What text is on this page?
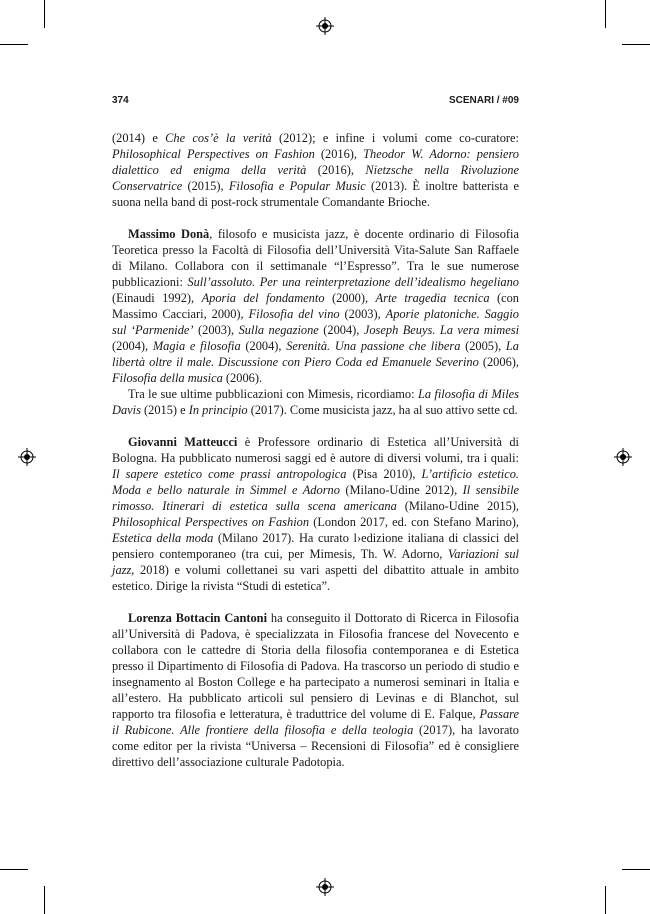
374	SCENARI / #09

(2014) e Che cos’è la verità (2012); e infine i volumi come co-curatore: Philosophical Perspectives on Fashion (2016), Theodor W. Adorno: pensiero dialettico ed enigma della verità (2016), Nietzsche nella Rivoluzione Conservatrice (2015), Filosofia e Popular Music (2013). È inoltre batterista e suona nella band di post-rock strumentale Comandante Brioche.

Massimo Donà, filosofo e musicista jazz, è docente ordinario di Filosofia Teoretica presso la Facoltà di Filosofia dell’Università Vita-Salute San Raffaele di Milano. Collabora con il settimanale “l’Espresso”. Tra le sue numerose pubblicazioni: Sull’assoluto. Per una reinterpretazione dell’idealismo hegeliano (Einaudi 1992), Aporia del fondamento (2000), Arte tragedia tecnica (con Massimo Cacciari, 2000), Filosofia del vino (2003), Aporie platoniche. Saggio sul ‘Parmenide’ (2003), Sulla negazione (2004), Joseph Beuys. La vera mimesi (2004), Magia e filosofia (2004), Serenità. Una passione che libera (2005), La libertà oltre il male. Discussione con Piero Coda ed Emanuele Severino (2006), Filosofia della musica (2006).

Tra le sue ultime pubblicazioni con Mimesis, ricordiamo: La filosofia di Miles Davis (2015) e In principio (2017). Come musicista jazz, ha al suo attivo sette cd.

Giovanni Matteucci è Professore ordinario di Estetica all’Università di Bologna. Ha pubblicato numerosi saggi ed è autore di diversi volumi, tra i quali: Il sapere estetico come prassi antropologica (Pisa 2010), L’artificio estetico. Moda e bello naturale in Simmel e Adorno (Milano-Udine 2012), Il sensibile rimosso. Itinerari di estetica sulla scena americana (Milano-Udine 2015), Philosophical Perspectives on Fashion (London 2017, ed. con Stefano Marino), Estetica della moda (Milano 2017). Ha curato l›edizione italiana di classici del pensiero contemporaneo (tra cui, per Mimesis, Th. W. Adorno, Variazioni sul jazz, 2018) e volumi collettanei su vari aspetti del dibattito attuale in ambito estetico. Dirige la rivista “Studi di estetica”.

Lorenza Bottacin Cantoni ha conseguito il Dottorato di Ricerca in Filosofia all’Università di Padova, è specializzata in Filosofia francese del Novecento e collabora con le cattedre di Storia della filosofia contemporanea e di Estetica presso il Dipartimento di Filosofia di Padova. Ha trascorso un periodo di studio e insegnamento al Boston College e ha partecipato a numerosi seminari in Italia e all’estero. Ha pubblicato articoli sul pensiero di Levinas e di Blanchot, sul rapporto tra filosofia e letteratura, è traduttrice del volume di E. Falque, Passare il Rubicone. Alle frontiere della filosofia e della teologia (2017), ha lavorato come editor per la rivista “Universa – Recensioni di Filosofia” ed è consigliere direttivo dell’associazione culturale Padotopia.
